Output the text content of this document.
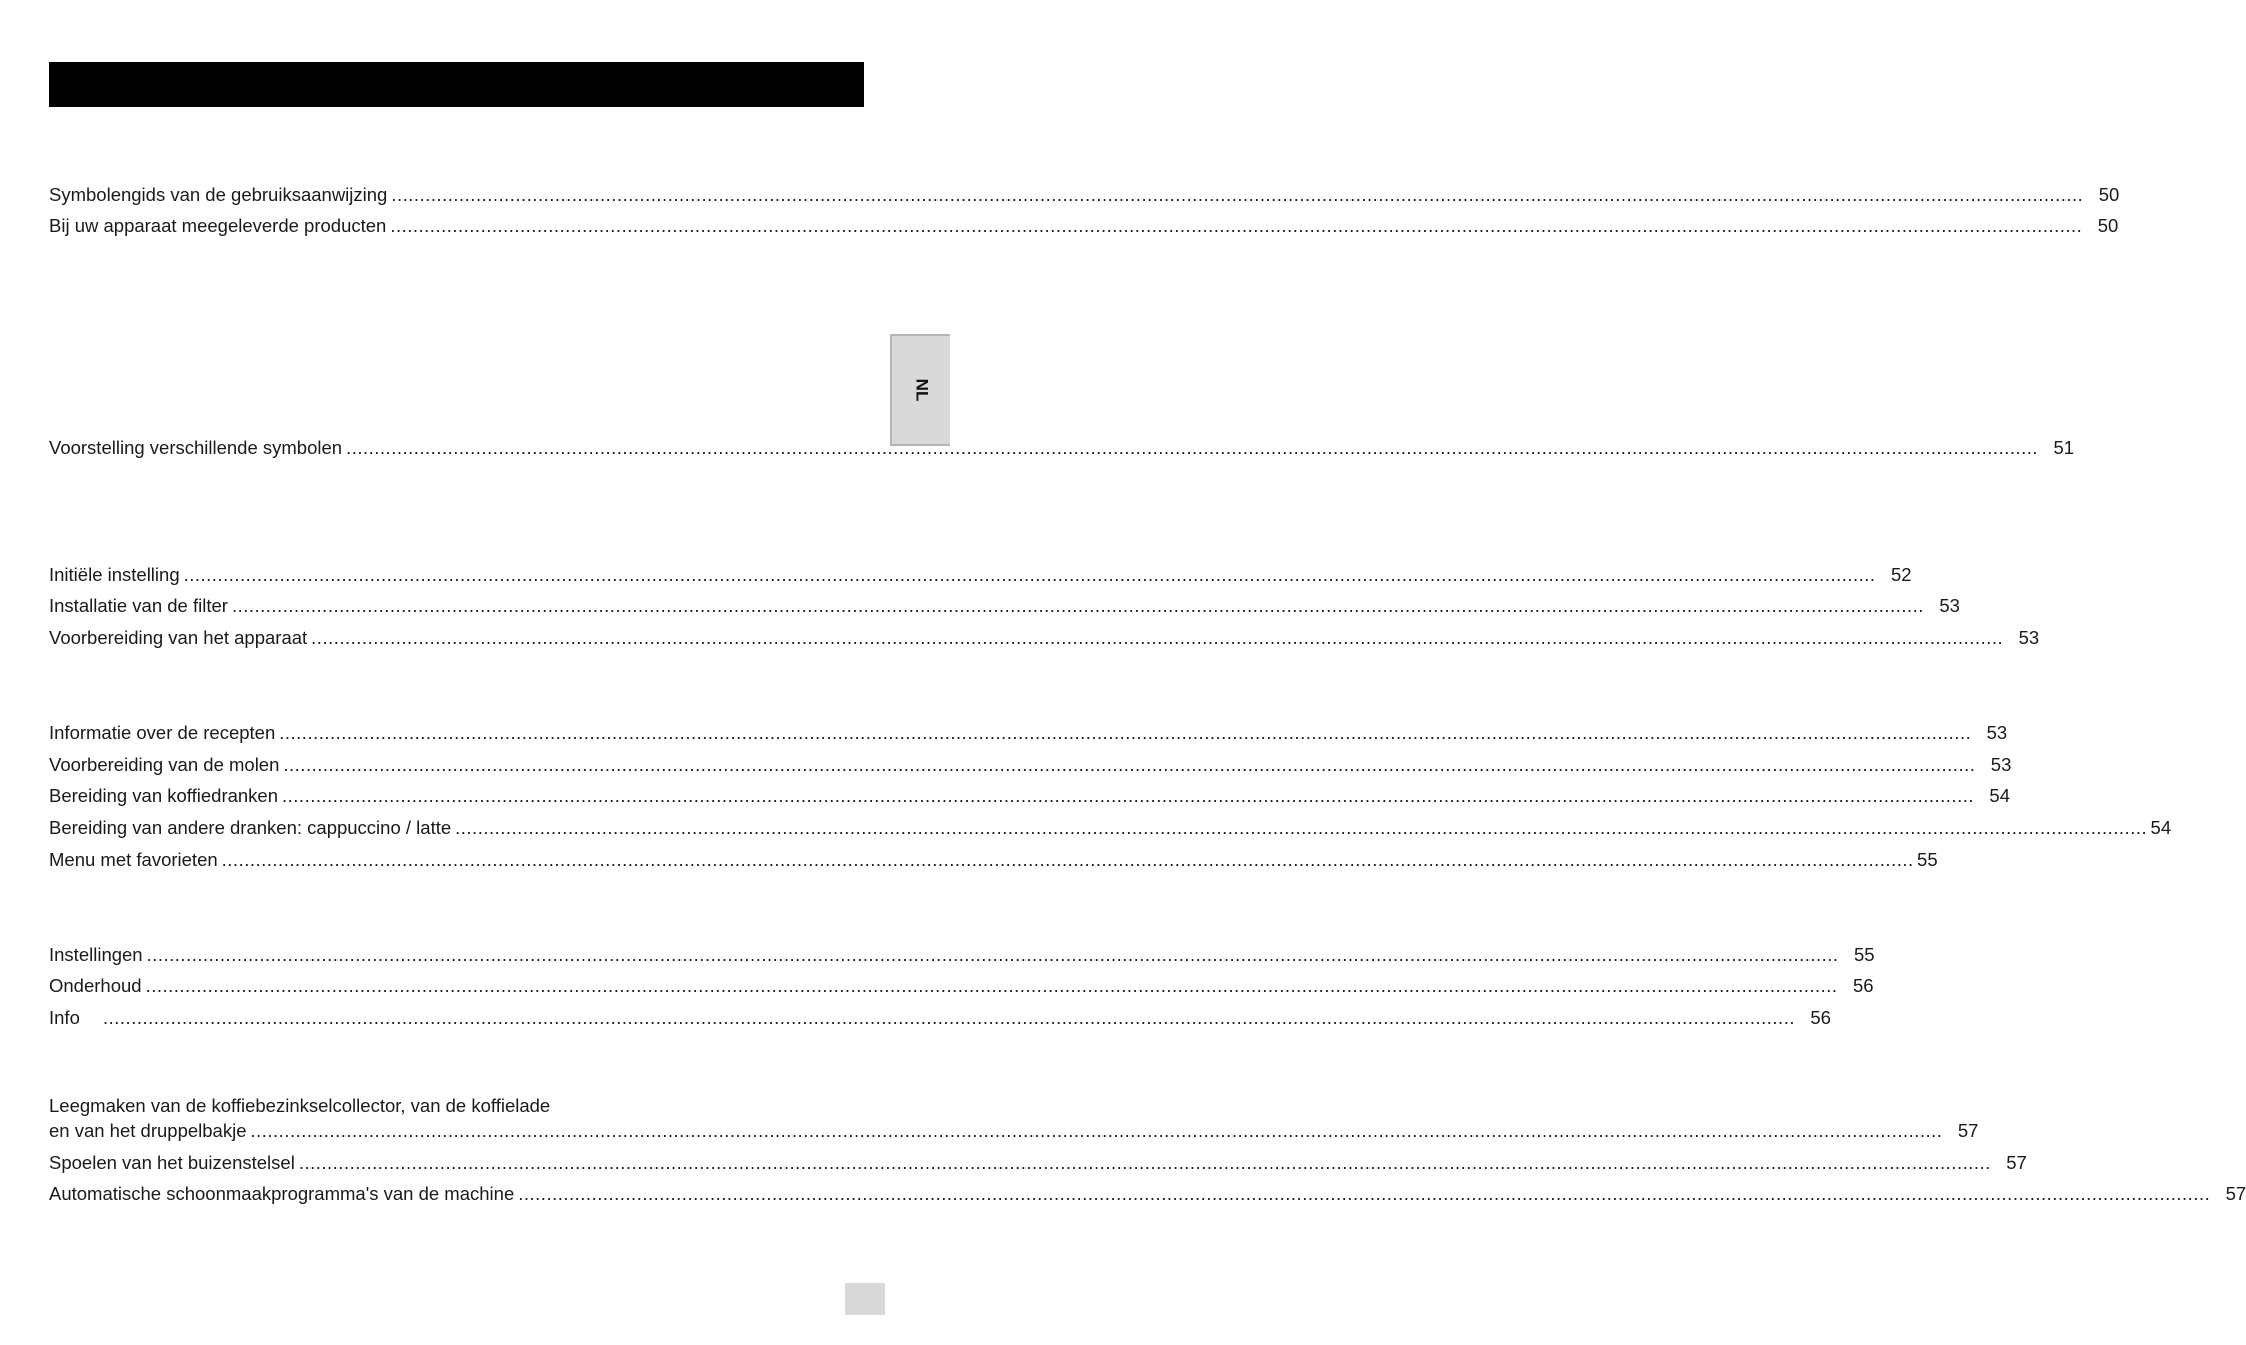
NL
Symbolengids van de gebruiksaanwijzing ............................................................................................................................................................................................................................................................................................................ 50
Bij uw apparaat meegeleverde producten ............................................................................................................................................................................................................................................................................................................ 50
Voorstelling verschillende symbolen ............................................................................................................................................................................................................................................................................................................ 51
Initiële instelling ............................................................................................................................................................................................................................................................................................................ 52
Installatie van de filter ............................................................................................................................................................................................................................................................................................................ 53
Voorbereiding van het apparaat ............................................................................................................................................................................................................................................................................................................ 53
Informatie over de recepten ............................................................................................................................................................................................................................................................................................................ 53
Voorbereiding van de molen ............................................................................................................................................................................................................................................................................................................ 53
Bereiding van koffiedranken ............................................................................................................................................................................................................................................................................................................ 54
Bereiding van andere dranken: cappuccino / latte ............................................................................................................................................................................................................................................................................................................ 54
Menu met favorieten ............................................................................................................................................................................................................................................................................................................ 55
Instellingen ............................................................................................................................................................................................................................................................................................................ 55
Onderhoud ............................................................................................................................................................................................................................................................................................................ 56
Info	............................................................................................................................................................................................................................................................................................................ 56
Leegmaken van de koffiebezinkselcollector, van de koffielade
en van het druppelbakje ............................................................................................................................................................................................................................................................................................................ 57
Spoelen van het buizenstelsel ............................................................................................................................................................................................................................................................................................................ 57
Automatische schoonmaakprogramma's van de machine ............................................................................................................................................................................................................................................................................................................ 57
